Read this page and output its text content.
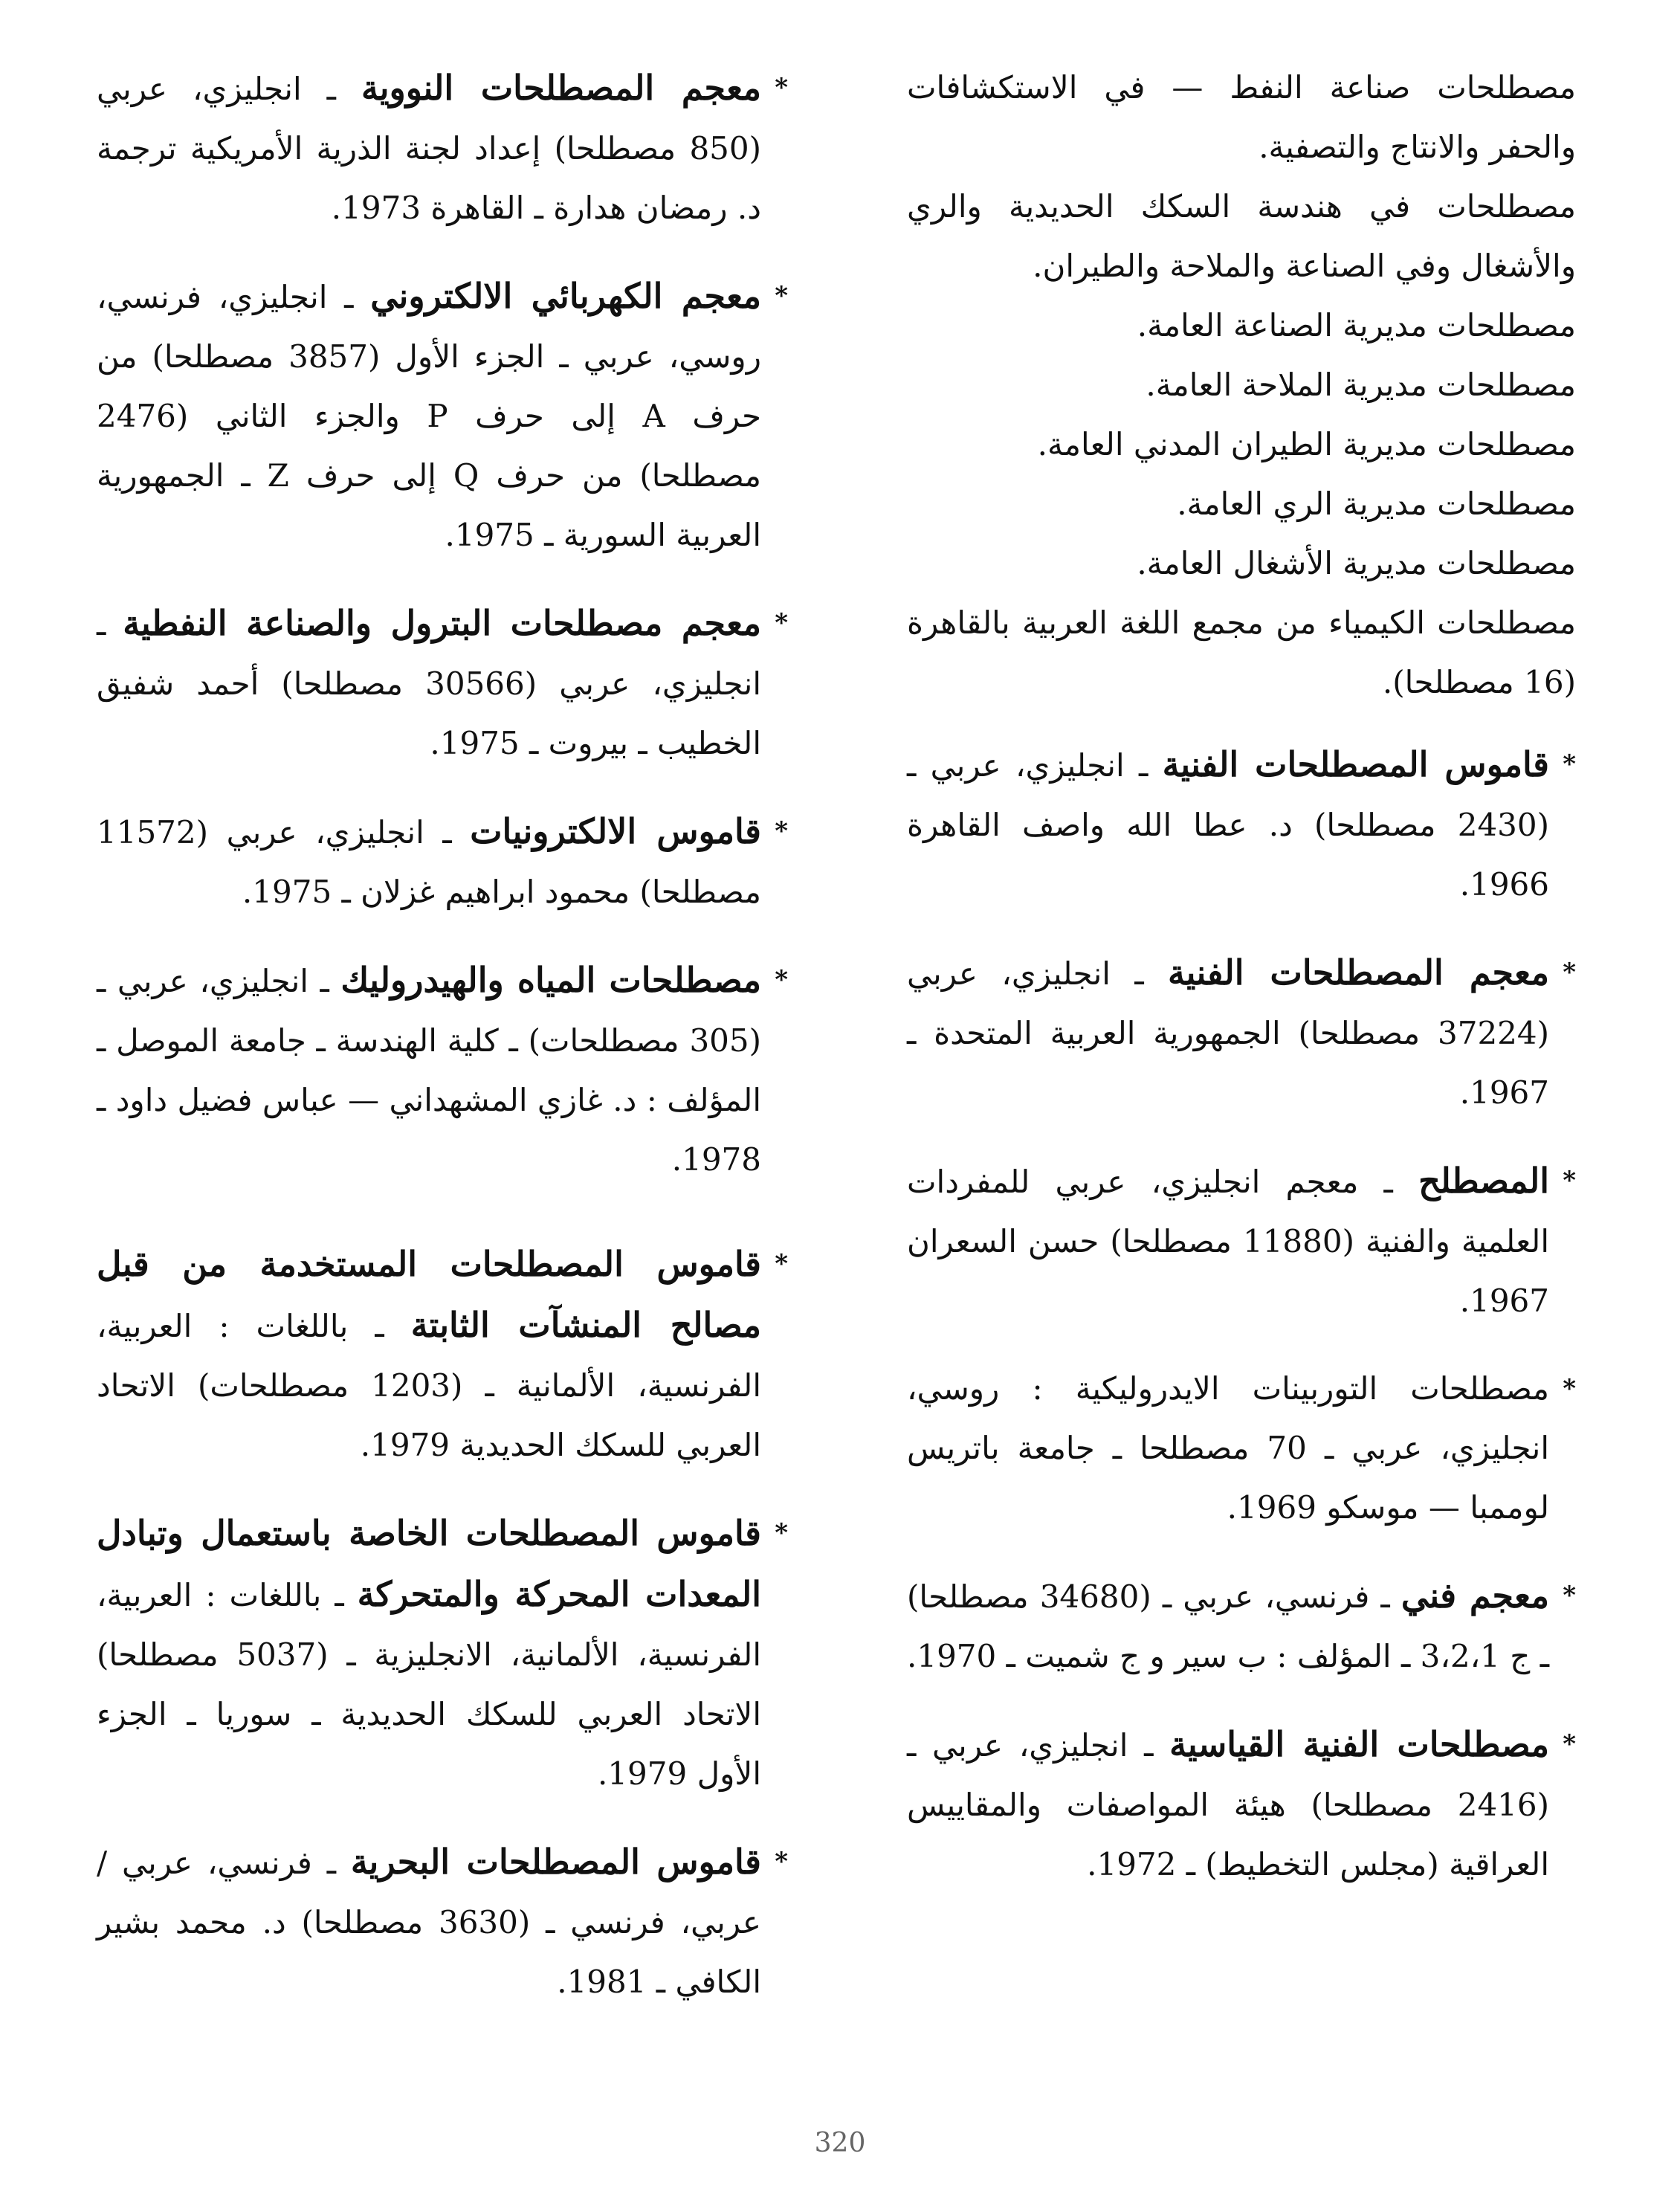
مصطلحات صناعة النفط — في الاستكشافات والحفر والانتاج والتصفية.

مصطلحات في هندسة السكك الحديدية والري والأشغال وفي الصناعة والملاحة والطيران.

مصطلحات مديرية الصناعة العامة.

مصطلحات مديرية الملاحة العامة.

مصطلحات مديرية الطيران المدني العامة.

مصطلحات مديرية الري العامة.

مصطلحات مديرية الأشغال العامة.

مصطلحات الكيمياء من مجمع اللغة العربية بالقاهرة (16 مصطلحا).

*
قاموس المصطلحات الفنية ـ انجليزي، عربي ـ (2430 مصطلحا) د. عطا الله واصف القاهرة 1966.
*
معجم المصطلحات الفنية ـ انجليزي، عربي (37224 مصطلحا) الجمهورية العربية المتحدة ـ 1967.
*
المصطلح ـ معجم انجليزي، عربي للمفردات العلمية والفنية (11880 مصطلحا) حسن السعران 1967.
*
مصطلحات التوربينات الايدروليكية : روسي، انجليزي، عربي ـ 70 مصطلحا ـ جامعة باتريس لوممبا — موسكو 1969.
*
معجم فني ـ فرنسي، عربي ـ (34680 مصطلحا) ـ ج 3،2،1 ـ المؤلف : ب سير و ج شميت ـ 1970.
*
مصطلحات الفنية القياسية ـ انجليزي، عربي ـ (2416 مصطلحا) هيئة المواصفات والمقاييس العراقية (مجلس التخطيط) ـ 1972.
*
معجم المصطلحات النووية ـ انجليزي، عربي (850 مصطلحا) إعداد لجنة الذرية الأمريكية ترجمة د. رمضان هدارة ـ القاهرة 1973.
*
معجم الكهربائي الالكتروني ـ انجليزي، فرنسي، روسي، عربي ـ الجزء الأول (3857 مصطلحا) من حرف A إلى حرف P والجزء الثاني (2476 مصطلحا) من حرف Q إلى حرف Z ـ الجمهورية العربية السورية ـ 1975.
*
معجم مصطلحات البترول والصناعة النفطية ـ انجليزي، عربي (30566 مصطلحا) أحمد شفيق الخطيب ـ بيروت ـ 1975.
*
قاموس الالكترونيات ـ انجليزي، عربي (11572 مصطلحا) محمود ابراهيم غزلان ـ 1975.
*
مصطلحات المياه والهيدروليك ـ انجليزي، عربي ـ (305 مصطلحات) ـ كلية الهندسة ـ جامعة الموصل ـ المؤلف : د. غازي المشهداني — عباس فضيل داود ـ 1978.
*
قاموس المصطلحات المستخدمة من قبل مصالح المنشآت الثابتة ـ باللغات : العربية، الفرنسية، الألمانية ـ (1203 مصطلحات) الاتحاد العربي للسكك الحديدية 1979.
*
قاموس المصطلحات الخاصة باستعمال وتبادل المعدات المحركة والمتحركة ـ باللغات : العربية، الفرنسية، الألمانية، الانجليزية ـ (5037 مصطلحا) الاتحاد العربي للسكك الحديدية ـ سوريا ـ الجزء الأول 1979.
*
قاموس المصطلحات البحرية ـ فرنسي، عربي / عربي، فرنسي ـ (3630 مصطلحا) د. محمد بشير الكافي ـ 1981.
320
